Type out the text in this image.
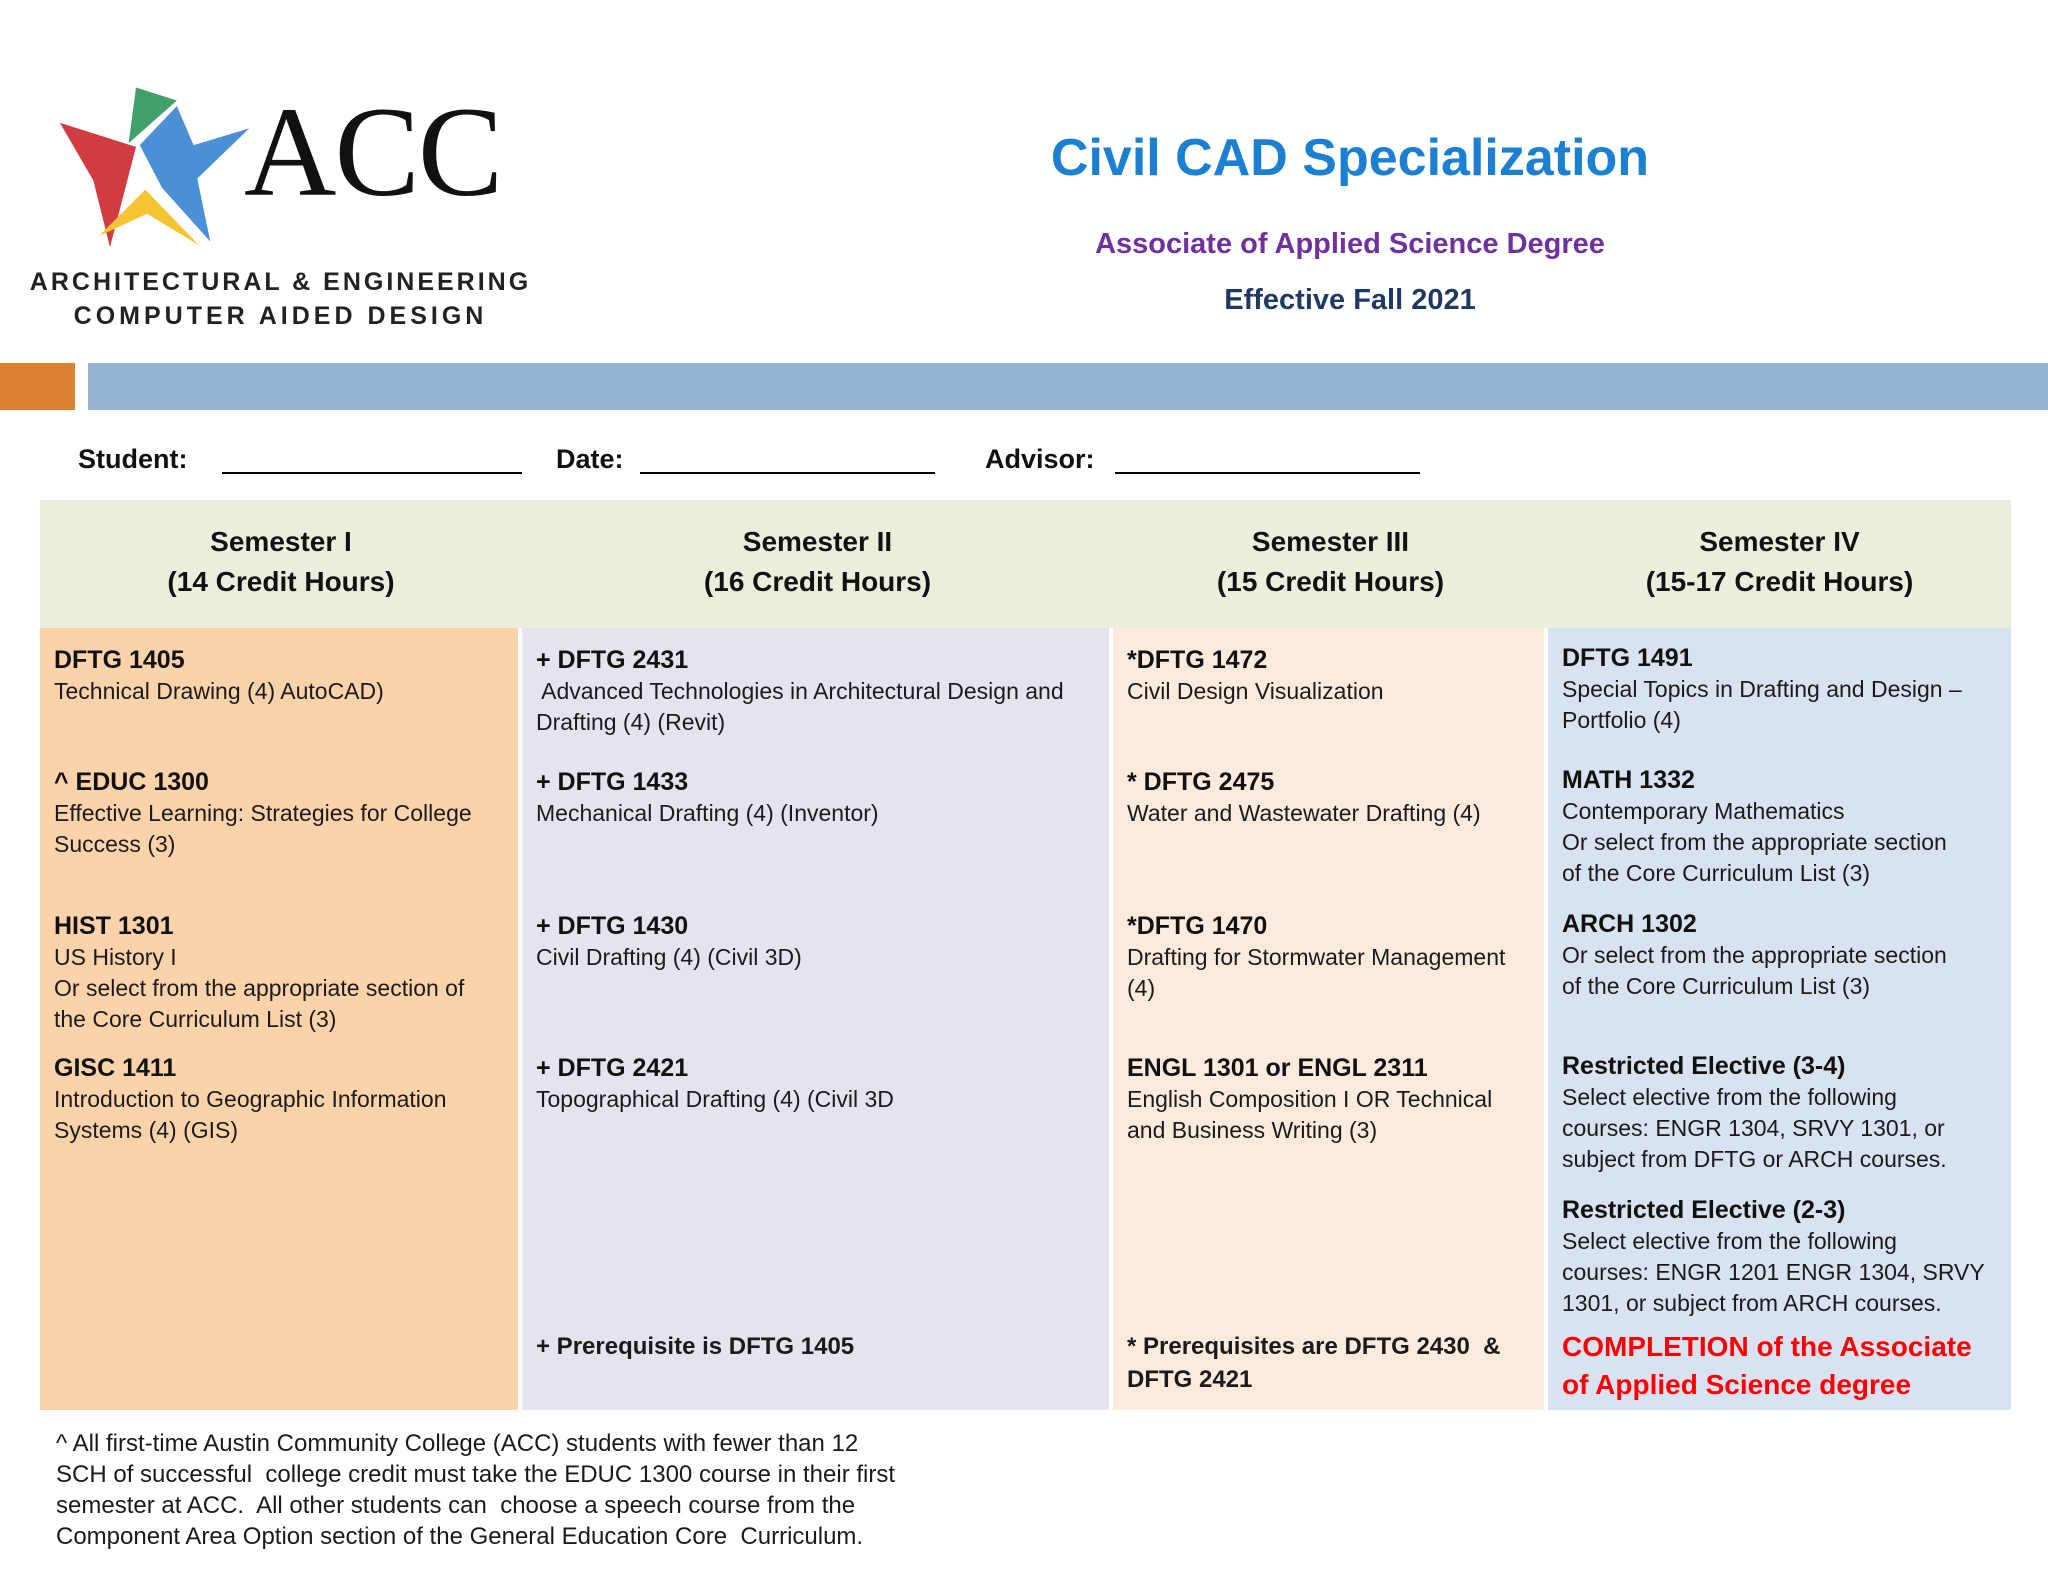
ACC
ARCHITECTURAL & ENGINEERING
COMPUTER AIDED DESIGN
Civil CAD Specialization
Associate of Applied Science Degree
Effective Fall 2021
Student:	Date:	Advisor:
Semester I
(14 Credit Hours)
Semester II
(16 Credit Hours)
Semester III
(15 Credit Hours)
Semester IV
(15-17 Credit Hours)
DFTG 1405
Technical Drawing (4) AutoCAD)
^ EDUC 1300
Effective Learning: Strategies for College
Success (3)
HIST 1301
US History I
Or select from the appropriate section of
the Core Curriculum List (3)
GISC 1411
Introduction to Geographic Information
Systems (4) (GIS)
+ DFTG 2431
Advanced Technologies in Architectural Design and
Drafting (4) (Revit)
+ DFTG 1433
Mechanical Drafting (4) (Inventor)
+ DFTG 1430
Civil Drafting (4) (Civil 3D)
+ DFTG 2421
Topographical Drafting (4) (Civil 3D
+ Prerequisite is DFTG 1405
*DFTG 1472
Civil Design Visualization
* DFTG 2475
Water and Wastewater Drafting (4)
*DFTG 1470
Drafting for Stormwater Management
(4)
ENGL 1301 or ENGL 2311
English Composition I OR Technical
and Business Writing (3)
* Prerequisites are DFTG 2430  &
DFTG 2421
DFTG 1491
Special Topics in Drafting and Design –
Portfolio (4)
MATH 1332
Contemporary Mathematics
Or select from the appropriate section
of the Core Curriculum List (3)
ARCH 1302
Or select from the appropriate section
of the Core Curriculum List (3)
Restricted Elective (3-4)
Select elective from the following
courses: ENGR 1304, SRVY 1301, or
subject from DFTG or ARCH courses.
Restricted Elective (2-3)
Select elective from the following
courses: ENGR 1201 ENGR 1304, SRVY
1301, or subject from ARCH courses.
COMPLETION of the Associate
of Applied Science degree
^ All first-time Austin Community College (ACC) students with fewer than 12
SCH of successful  college credit must take the EDUC 1300 course in their first
semester at ACC.  All other students can  choose a speech course from the
Component Area Option section of the General Education Core  Curriculum.
